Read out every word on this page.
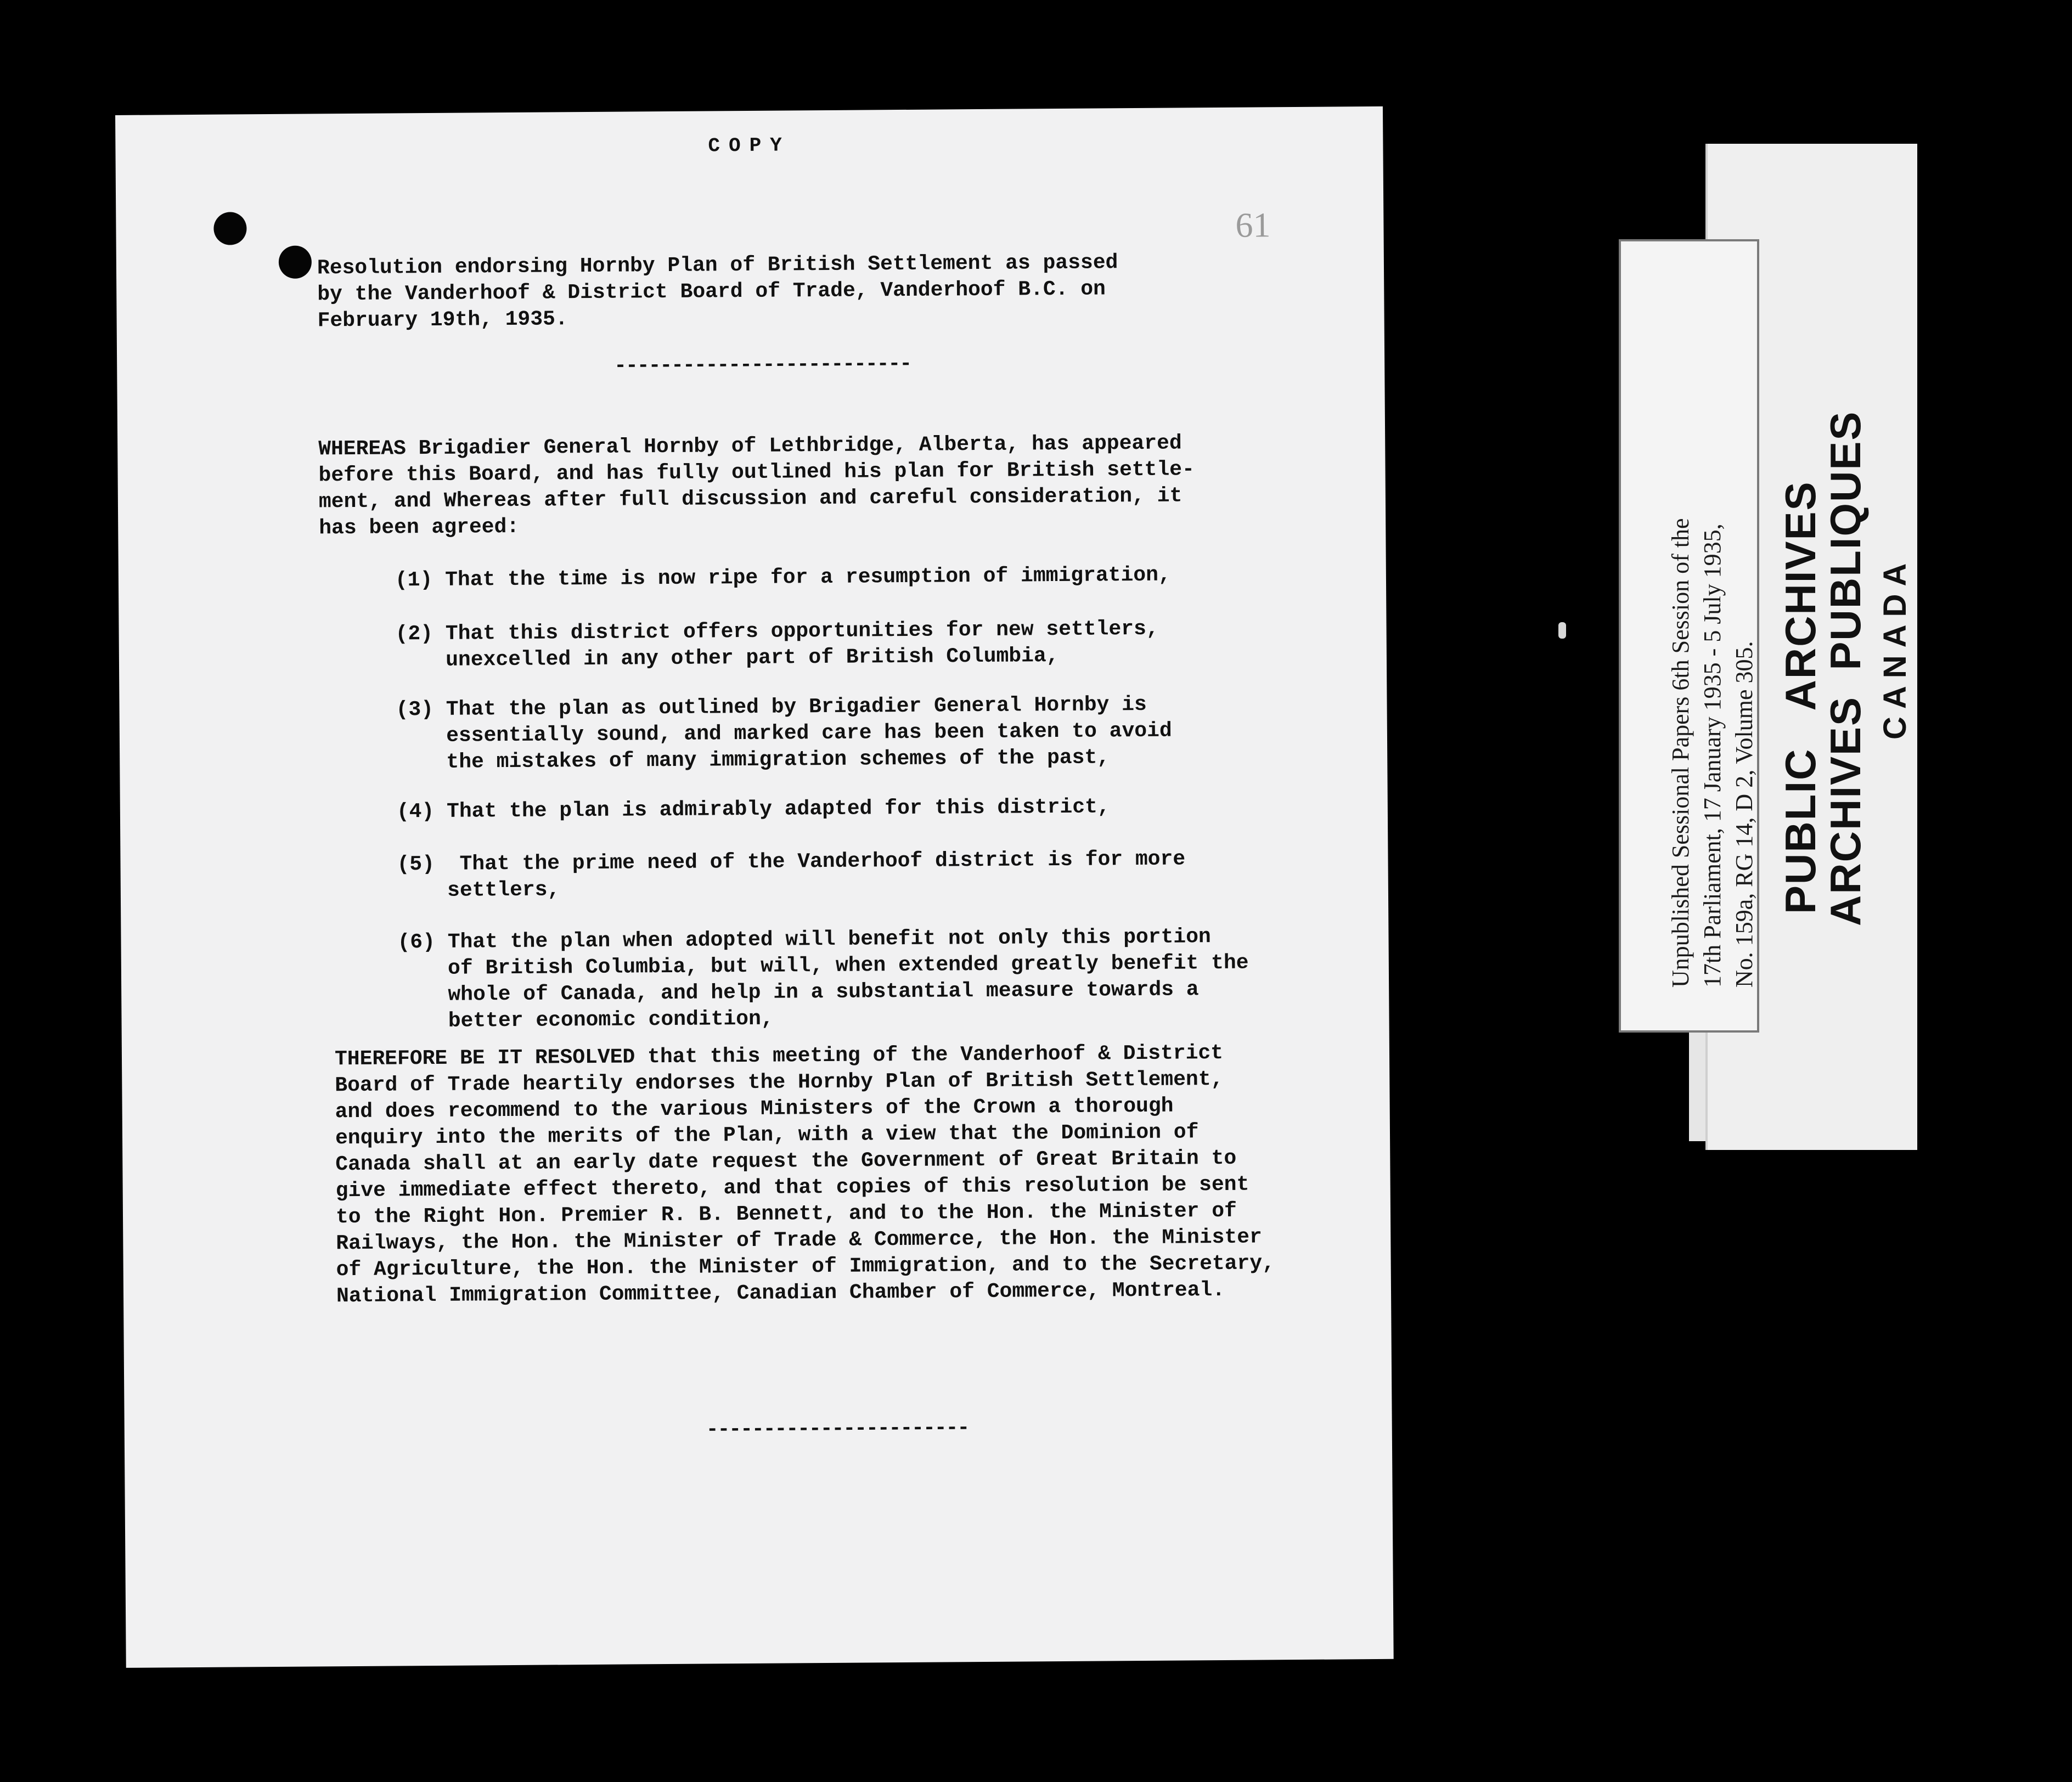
COPY

61

Resolution endorsing Hornby Plan of British Settlement as passed
by the Vanderhoof & District Board of Trade, Vanderhoof B.C. on
February 19th, 1935.

--------------------------

WHEREAS Brigadier General Hornby of Lethbridge, Alberta, has appeared
before this Board, and has fully outlined his plan for British settle-
ment, and Whereas after full discussion and careful consideration, it
has been agreed:

(1) That the time is now ripe for a resumption of immigration,

(2) That this district offers opportunities for new settlers,
unexcelled in any other part of British Columbia,

(3) That the plan as outlined by Brigadier General Hornby is
essentially sound, and marked care has been taken to avoid
the mistakes of many immigration schemes of the past,

(4) That the plan is admirably adapted for this district,

(5)  That the prime need of the Vanderhoof district is for more
settlers,

(6) That the plan when adopted will benefit not only this portion
of British Columbia, but will, when extended greatly benefit the
whole of Canada, and help in a substantial measure towards a
better economic condition,

THEREFORE BE IT RESOLVED that this meeting of the Vanderhoof & District
Board of Trade heartily endorses the Hornby Plan of British Settlement,
and does recommend to the various Ministers of the Crown a thorough
enquiry into the merits of the Plan, with a view that the Dominion of
Canada shall at an early date request the Government of Great Britain to
give immediate effect thereto, and that copies of this resolution be sent
to the Right Hon. Premier R. B. Bennett, and to the Hon. the Minister of
Railways, the Hon. the Minister of Trade & Commerce, the Hon. the Minister
of Agriculture, the Hon. the Minister of Immigration, and to the Secretary,
National Immigration Committee, Canadian Chamber of Commerce, Montreal.

-----------------------

Unpublished Sessional Papers 6th Session of the
17th Parliament, 17 January 1935 - 5 July 1935,
No. 159a, RG 14, D 2, Volume 305. PUBLIC   ARCHIVES

ARCHIVES  PUBLIQUES CANADA
